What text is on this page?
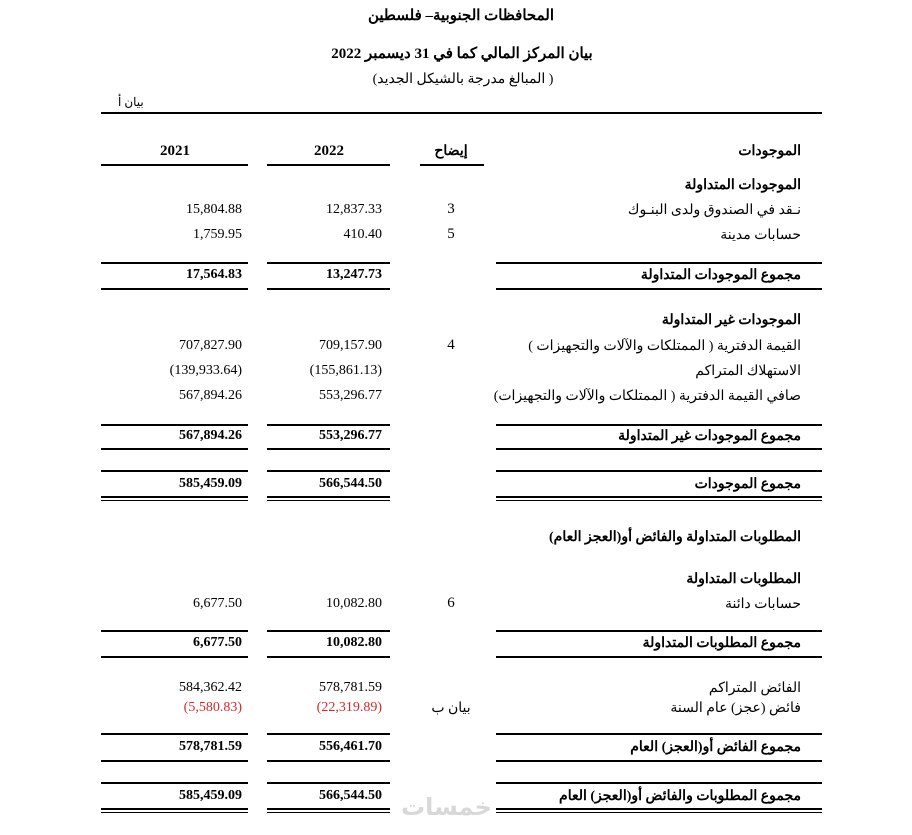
المحافظات الجنوبية– فلسطين
بيان المركز المالي كما في 31 ديسمبر 2022
( المبالغ مدرجة بالشيكل الجديد)
بيان أ
الموجودات
إيضاح
2022
2021
الموجودات المتداولة
نـقد في الصندوق ولدى البنـوك
3
12,837.33
15,804.88
حسابات مدينة
5
410.40
1,759.95
مجموع الموجودات المتداولة
13,247.73
17,564.83
الموجودات غير المتداولة
القيمة الدفترية ( الممتلكات والآلات والتجهيزات )
4
709,157.90
707,827.90
الاستهلاك المتراكم
(155,861.13)
(139,933.64)
صافي القيمة الدفترية ( الممتلكات والآلات والتجهيزات)
553,296.77
567,894.26
مجموع الموجودات غير المتداولة
553,296.77
567,894.26
مجموع الموجودات
566,544.50
585,459.09
المطلوبات المتداولة والفائض أو(العجز العام)
المطلوبات المتداولة
حسابات دائنة
6
10,082.80
6,677.50
مجموع المطلوبات المتداولة
10,082.80
6,677.50
الفائض المتراكم
578,781.59
584,362.42
فائض (عجز) عام السنة
بيان ب
(22,319.89)
(5,580.83)
مجموع الفائض أو(العجز) العام
556,461.70
578,781.59
مجموع المطلوبات والفائض أو(العجز) العام
566,544.50
585,459.09	خمسات
